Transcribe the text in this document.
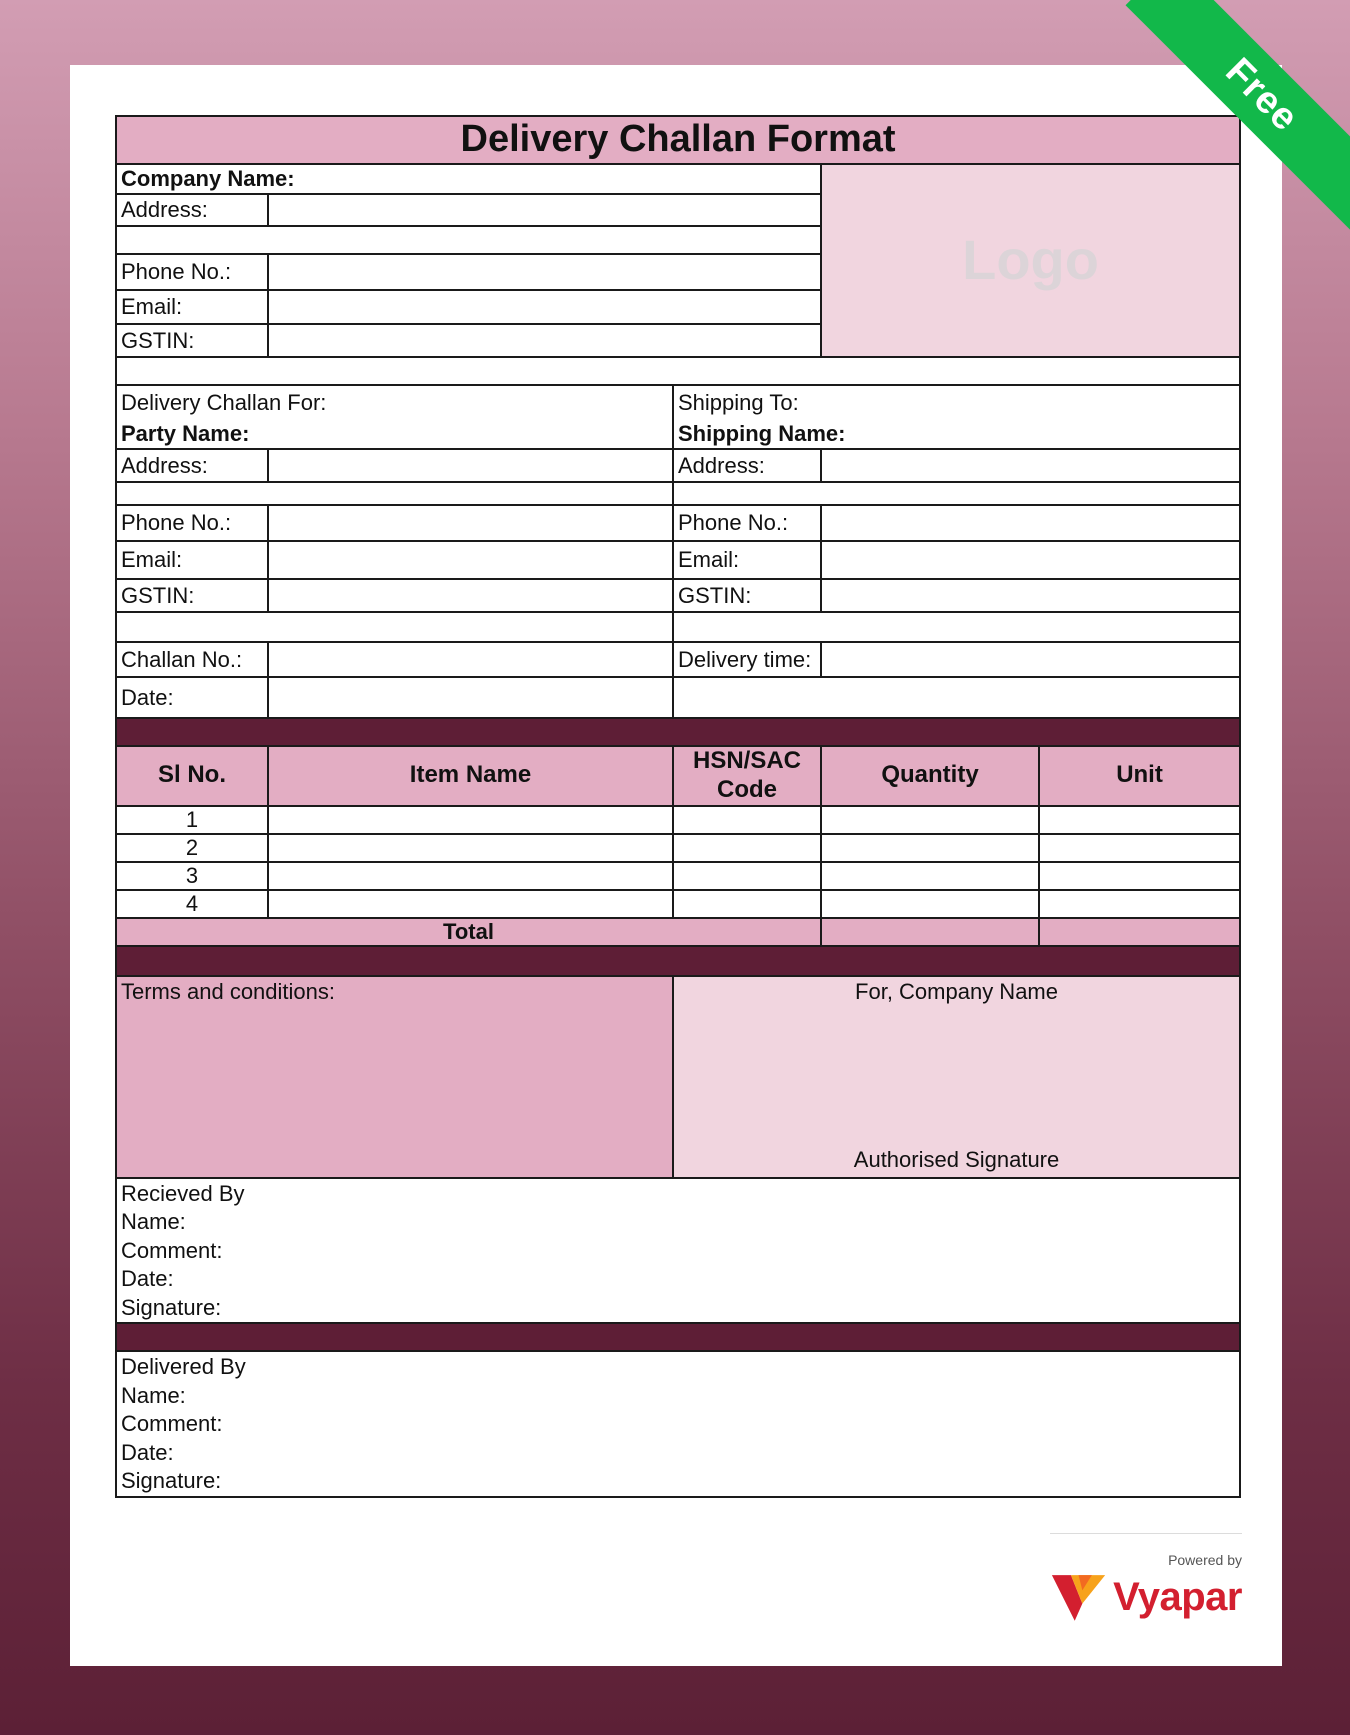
Free
Delivery Challan Format				
Company Name:			Logo	
Address:				

Phone No.:				
Email:				
GSTIN:				

Delivery Challan For:		Shipping To:		
Party Name:		Shipping Name:		
Address:		Address:		

Phone No.:		Phone No.:		
Email:		Email:		
GSTIN:		GSTIN:		

Challan No.:		Delivery time:		
Date:				

Sl No.	Item Name	HSN/SAC Code	Quantity	Unit
1				
2				
3				
4				
Total				

Terms and conditions:		For, Company Name
Authorised Signature		

Recieved By
Name:
Comment:
Date:
Signature:				

Delivered By
Name:
Comment:
Date:
Signature:				
Powered by
Vyapar
